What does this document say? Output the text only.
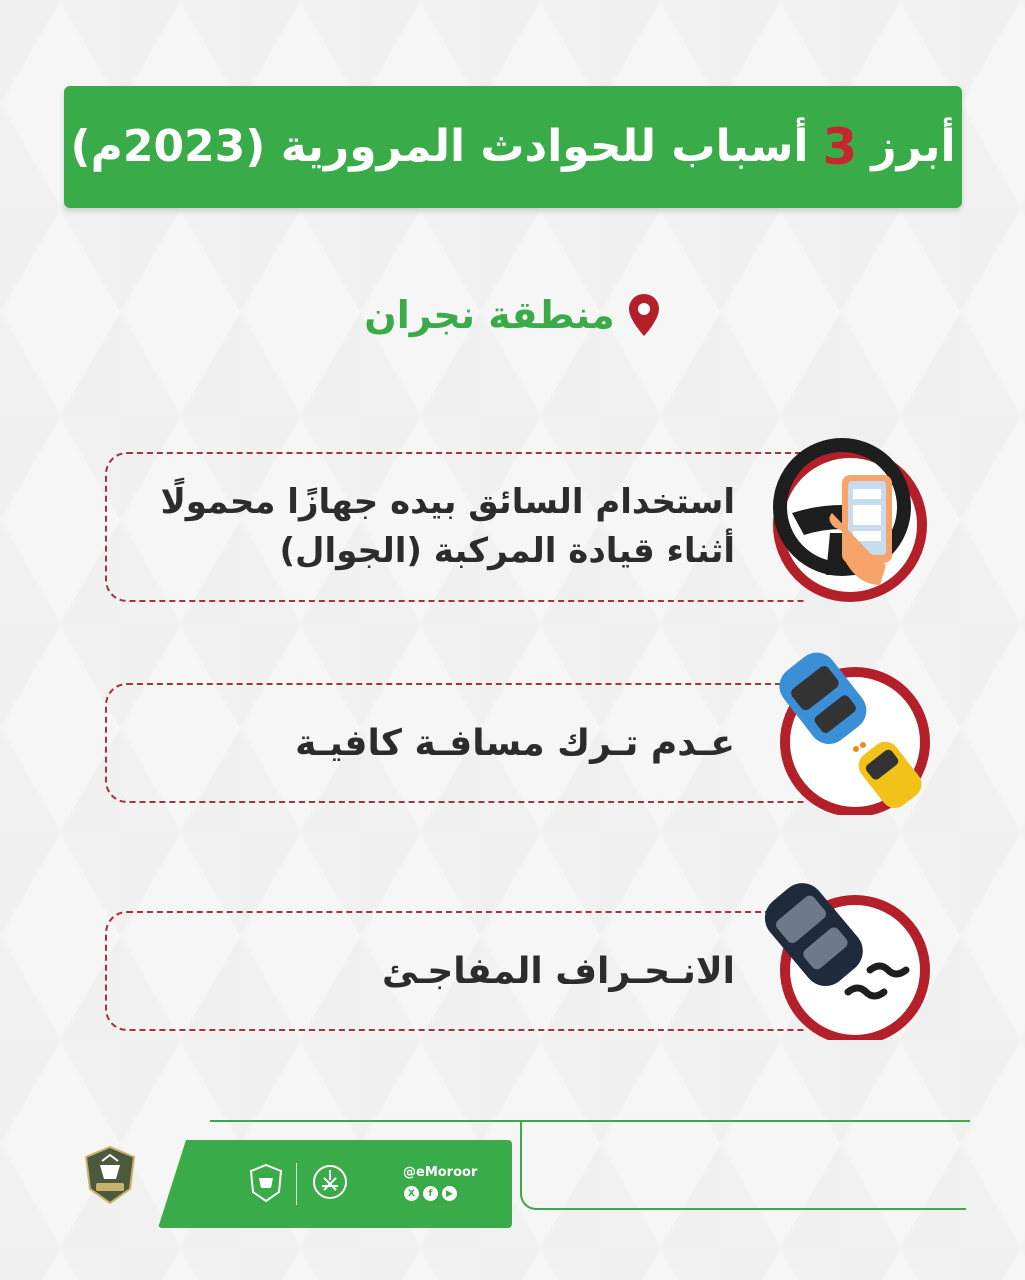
أبرز
3
أسباب للحوادث المرورية (2023م)
منطقة نجران
استخدام السائق بيده جهازًا محمولًا
أثناء قيادة المركبة (الجوال)
عـدم تـرك مسافـة كافيـة
الانـحـراف المفاجـئ
@eMoroor
X	f	▶
